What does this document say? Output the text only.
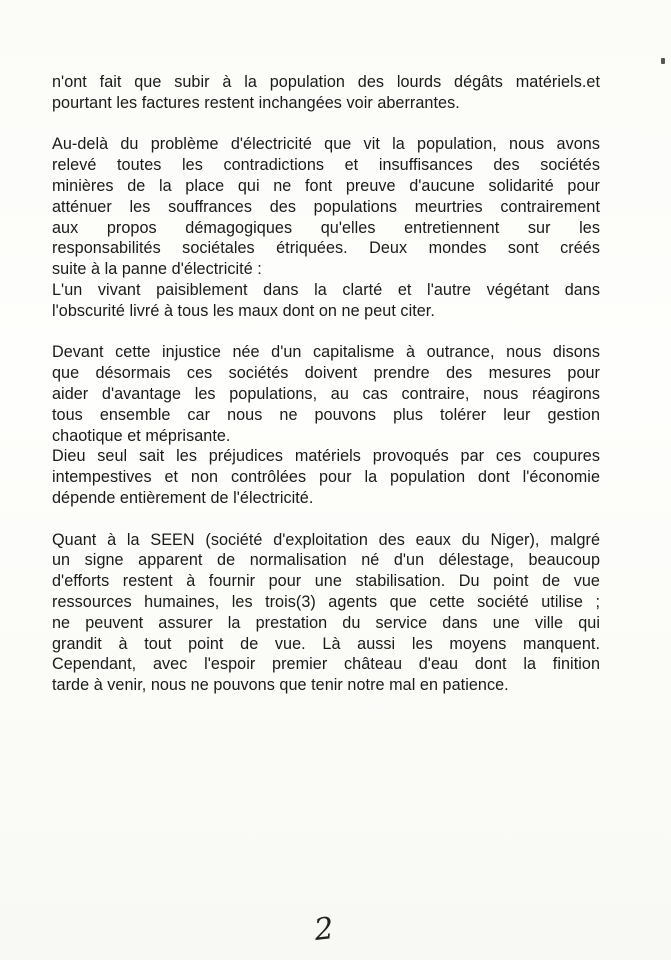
n'ont fait que subir à la population des lourds dégâts matériels.et
pourtant les factures restent inchangées voir aberrantes.
Au-delà du problème d'électricité que vit la population, nous avons
relevé toutes les contradictions et insuffisances des sociétés
minières de la place qui ne font preuve d'aucune solidarité pour
atténuer les souffrances des populations meurtries contrairement
aux propos démagogiques qu'elles entretiennent sur les
responsabilités sociétales étriquées. Deux mondes sont créés
suite à la panne d'électricité :
L'un vivant paisiblement dans la clarté et l'autre végétant dans
l'obscurité livré à tous les maux dont on ne peut citer.
Devant cette injustice née d'un capitalisme à outrance, nous disons
que désormais ces sociétés doivent prendre des mesures pour
aider d'avantage les populations, au cas contraire, nous réagirons
tous ensemble car nous ne pouvons plus tolérer leur gestion
chaotique et méprisante.
Dieu seul sait les préjudices matériels provoqués par ces coupures
intempestives et non contrôlées pour la population dont l'économie
dépende entièrement de l'électricité.
Quant à la SEEN (société d'exploitation des eaux du Niger), malgré
un signe apparent de normalisation né d'un délestage, beaucoup
d'efforts restent à fournir pour une stabilisation. Du point de vue
ressources humaines, les trois(3) agents que cette société utilise ;
ne peuvent assurer la prestation du service dans une ville qui
grandit à tout point de vue. Là aussi les moyens manquent.
Cependant, avec l'espoir premier château d'eau dont la finition
tarde à venir, nous ne pouvons que tenir notre mal en patience.
2
